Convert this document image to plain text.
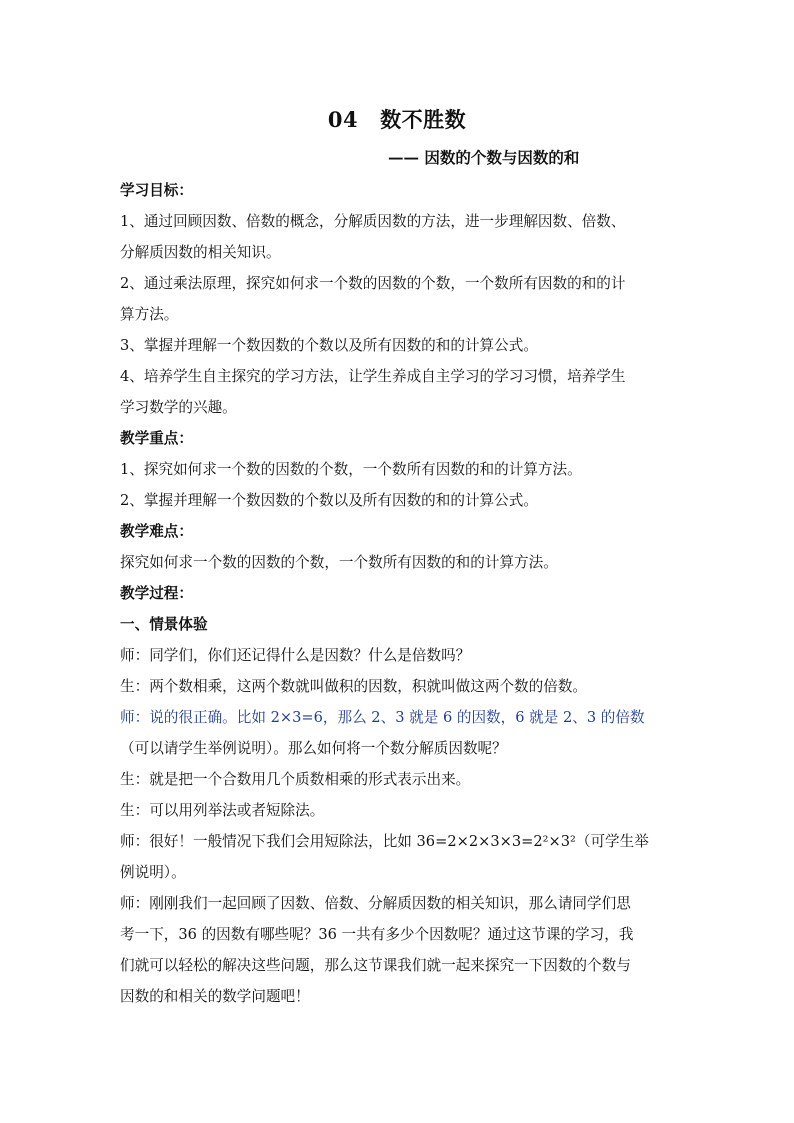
04 数不胜数
—— 因数的个数与因数的和

学习目标：

1、通过回顾因数、倍数的概念，分解质因数的方法，进一步理解因数、倍数、

分解质因数的相关知识。

2、通过乘法原理，探究如何求一个数的因数的个数，一个数所有因数的和的计

算方法。

3、掌握并理解一个数因数的个数以及所有因数的和的计算公式。

4、培养学生自主探究的学习方法，让学生养成自主学习的学习习惯，培养学生

学习数学的兴趣。

教学重点：

1、探究如何求一个数的因数的个数，一个数所有因数的和的计算方法。

2、掌握并理解一个数因数的个数以及所有因数的和的计算公式。

教学难点：

探究如何求一个数的因数的个数，一个数所有因数的和的计算方法。

教学过程：

一、情景体验

师：同学们，你们还记得什么是因数？什么是倍数吗？

生：两个数相乘，这两个数就叫做积的因数，积就叫做这两个数的倍数。

师：说的很正确。比如 2×3=6，那么 2、3 就是 6 的因数，6 就是 2、3 的倍数

（可以请学生举例说明）。那么如何将一个数分解质因数呢？

生：就是把一个合数用几个质数相乘的形式表示出来。

生：可以用列举法或者短除法。

师：很好！一般情况下我们会用短除法，比如 36=2×2×3×3=2²×3²（可学生举

例说明）。

师：刚刚我们一起回顾了因数、倍数、分解质因数的相关知识，那么请同学们思

考一下，36 的因数有哪些呢？36 一共有多少个因数呢？通过这节课的学习，我

们就可以轻松的解决这些问题，那么这节课我们就一起来探究一下因数的个数与

因数的和相关的数学问题吧！
